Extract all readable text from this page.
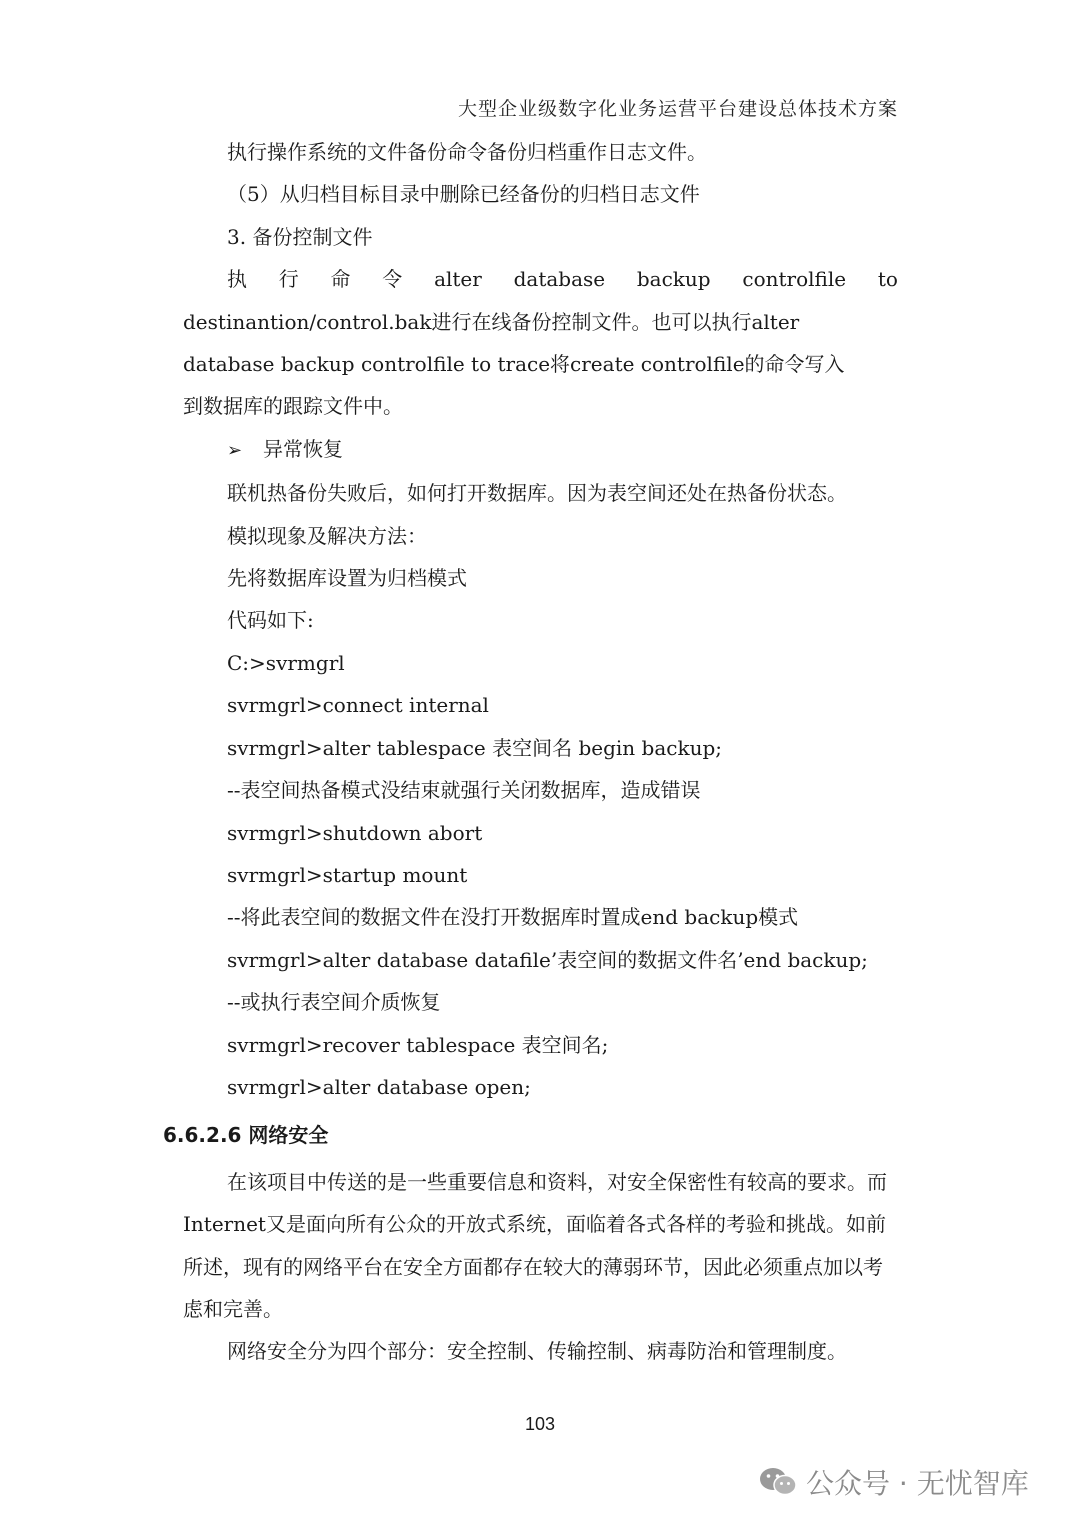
大型企业级数字化业务运营平台建设总体技术方案
执行操作系统的文件备份命令备份归档重作日志文件。
（5）从归档目标目录中删除已经备份的归档日志文件
3. 备份控制文件
执 行 命 令 alter database backup controlfile to
destinantion/control.bak进行在线备份控制文件。也可以执行alter
database backup controlfile to trace将create controlfile的命令写入
到数据库的跟踪文件中。
➢ 异常恢复
联机热备份失败后，如何打开数据库。因为表空间还处在热备份状态。
模拟现象及解决方法：
先将数据库设置为归档模式
代码如下:
C:>svrmgrl
svrmgrl>connect internal
svrmgrl>alter tablespace 表空间名 begin backup;
--表空间热备模式没结束就强行关闭数据库，造成错误
svrmgrl>shutdown abort
svrmgrl>startup mount
--将此表空间的数据文件在没打开数据库时置成end backup模式
svrmgrl>alter database datafile’表空间的数据文件名’end backup;
--或执行表空间介质恢复
svrmgrl>recover tablespace 表空间名;
svrmgrl>alter database open;
6.6.2.6 网络安全
在该项目中传送的是一些重要信息和资料，对安全保密性有较高的要求。而Internet又是面向所有公众的开放式系统，面临着各式各样的考验和挑战。如前所述，现有的网络平台在安全方面都存在较大的薄弱环节，因此必须重点加以考虑和完善。
网络安全分为四个部分：安全控制、传输控制、病毒防治和管理制度。
103
公众号 · 无忧智库
